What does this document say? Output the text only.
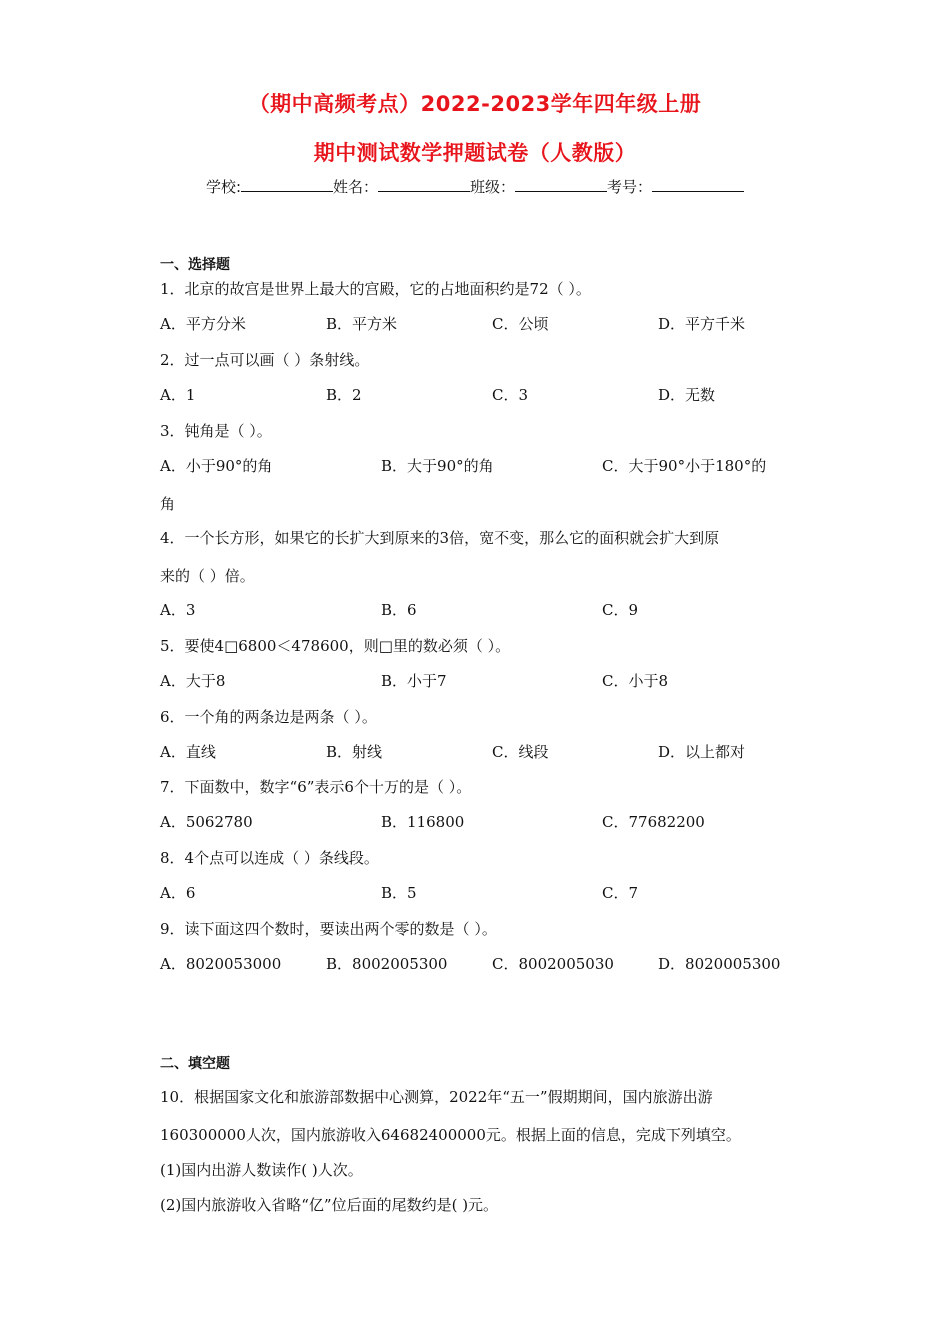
（期中高频考点）2022-2023学年四年级上册
期中测试数学押题试卷（人教版）
学校:	姓名：	班级：	考号：
一、选择题
1．北京的故宫是世界上最大的宫殿，它的占地面积约是72（ ）。
A．平方分米	B．平方米	C．公顷	D．平方千米
2．过一点可以画（ ）条射线。
A．1	B．2	C．3	D．无数
3．钝角是（ ）。
A．小于90°的角	B．大于90°的角	C．大于90°小于180°的
角
4．一个长方形，如果它的长扩大到原来的3倍，宽不变，那么它的面积就会扩大到原
来的（ ）倍。
A．3	B．6	C．9
5．要使4□6800＜478600，则□里的数必须（ ）。
A．大于8	B．小于7	C．小于8
6．一个角的两条边是两条（ ）。
A．直线	B．射线	C．线段	D．以上都对
7．下面数中，数字“6”表示6个十万的是（ ）。
A．5062780	B．116800	C．77682200
8．4个点可以连成（ ）条线段。
A．6	B．5	C．7
9．读下面这四个数时，要读出两个零的数是（ ）。
A．8020053000	B．8002005300	C．8002005030	D．8020005300
二、填空题
10．根据国家文化和旅游部数据中心测算，2022年“五一”假期期间，国内旅游出游
160300000人次，国内旅游收入64682400000元。根据上面的信息，完成下列填空。
(1)国内出游人数读作( )人次。
(2)国内旅游收入省略“亿”位后面的尾数约是( )元。
